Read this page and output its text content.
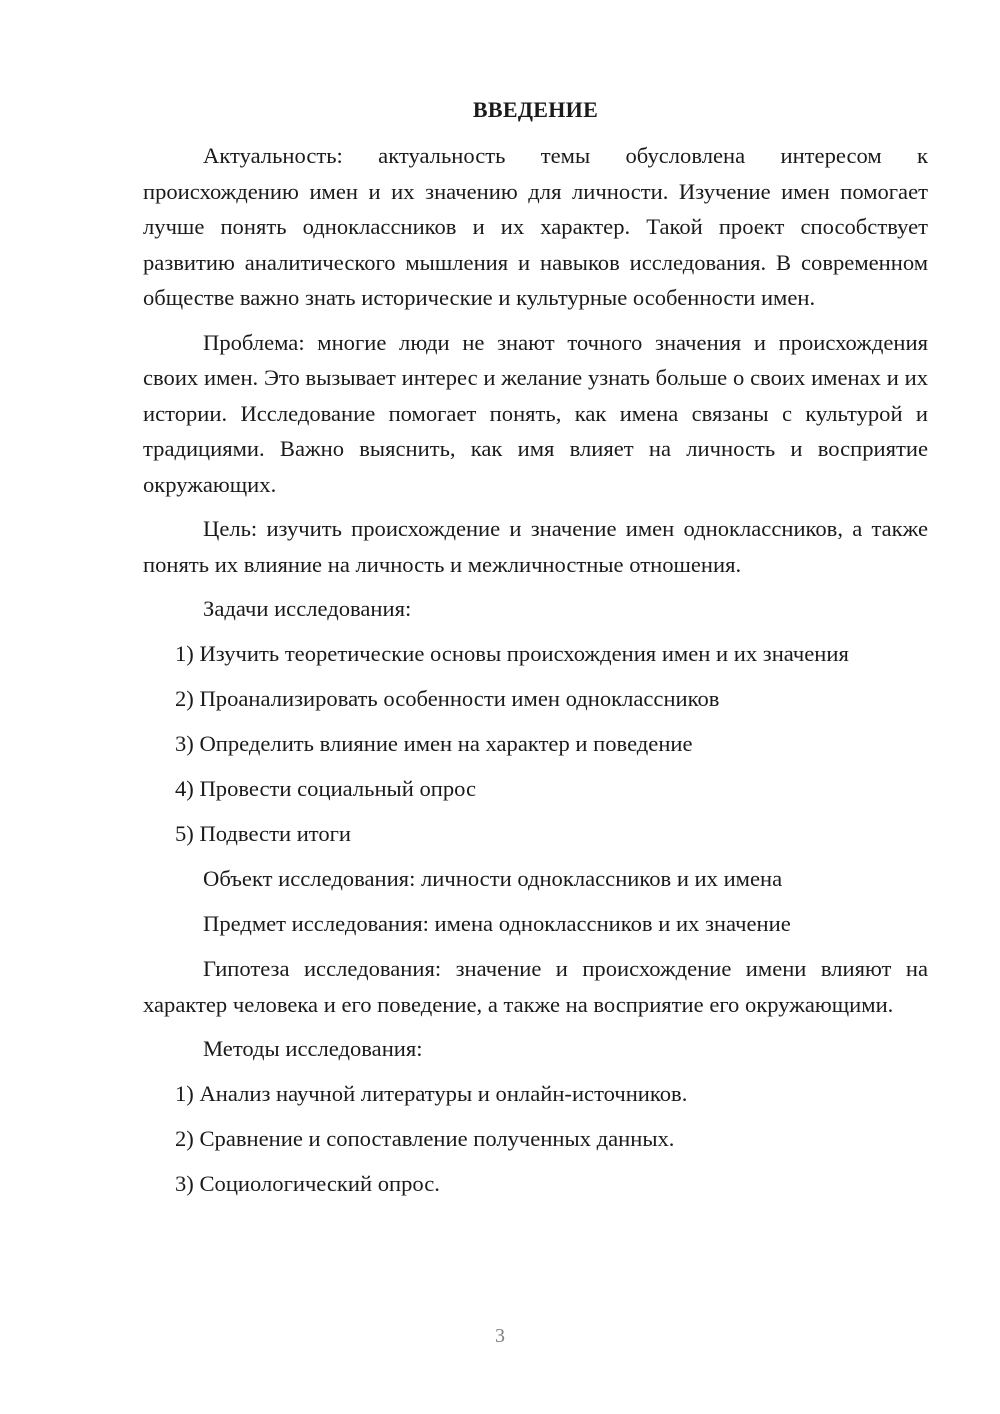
ВВЕДЕНИЕ

Актуальность: актуальность темы обусловлена интересом к происхождению имен и их значению для личности. Изучение имен помогает лучше понять одноклассников и их характер. Такой проект способствует развитию аналитического мышления и навыков исследования. В современном обществе важно знать исторические и культурные особенности имен.

Проблема: многие люди не знают точного значения и происхождения своих имен. Это вызывает интерес и желание узнать больше о своих именах и их истории. Исследование помогает понять, как имена связаны с культурой и традициями. Важно выяснить, как имя влияет на личность и восприятие окружающих.

Цель: изучить происхождение и значение имен одноклассников, а также понять их влияние на личность и межличностные отношения.

Задачи исследования:

1) Изучить теоретические основы происхождения имен и их значения
2) Проанализировать особенности имен одноклассников
3) Определить влияние имен на характер и поведение
4) Провести социальный опрос
5) Подвести итоги

Объект исследования: личности одноклассников и их имена

Предмет исследования: имена одноклассников и их значение

Гипотеза исследования: значение и происхождение имени влияют на характер человека и его поведение, а также на восприятие его окружающими.

Методы исследования:

1) Анализ научной литературы и онлайн-источников.
2) Сравнение и сопоставление полученных данных.
3) Социологический опрос.
3
